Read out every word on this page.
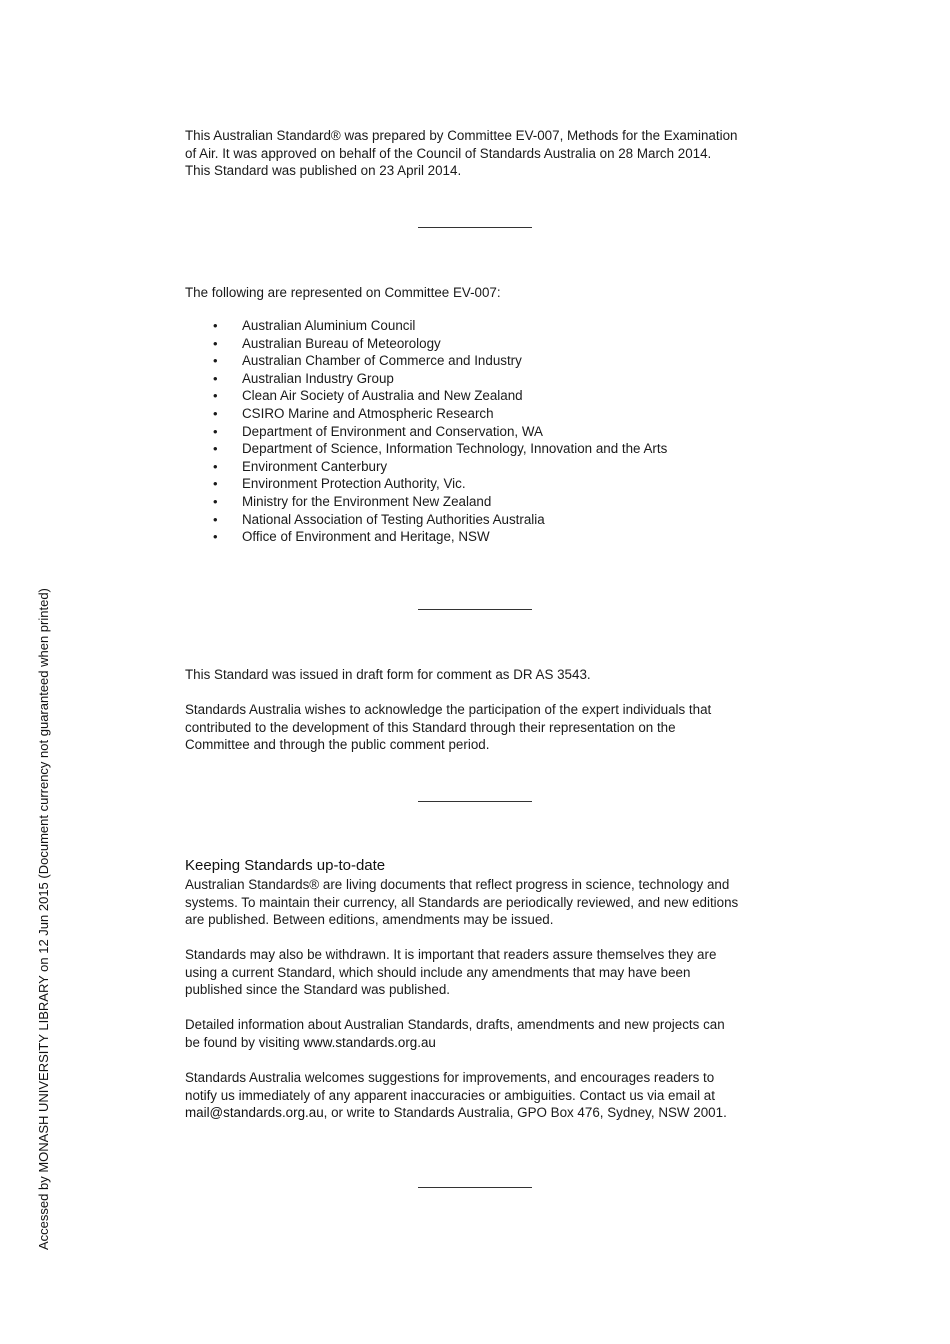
This Australian Standard® was prepared by Committee EV-007, Methods for the Examination

of Air. It was approved on behalf of the Council of Standards Australia on 28 March 2014.

This Standard was published on 23 April 2014.

The following are represented on Committee EV-007:

• Australian Aluminium Council
• Australian Bureau of Meteorology
• Australian Chamber of Commerce and Industry
• Australian Industry Group
• Clean Air Society of Australia and New Zealand
• CSIRO Marine and Atmospheric Research
• Department of Environment and Conservation, WA
• Department of Science, Information Technology, Innovation and the Arts
• Environment Canterbury
• Environment Protection Authority, Vic.
• Ministry for the Environment New Zealand
• National Association of Testing Authorities Australia
• Office of Environment and Heritage, NSW

This Standard was issued in draft form for comment as DR AS 3543.

Standards Australia wishes to acknowledge the participation of the expert individuals that

contributed to the development of this Standard through their representation on the

Committee and through the public comment period.

Keeping Standards up-to-date

Australian Standards® are living documents that reflect progress in science, technology and

systems. To maintain their currency, all Standards are periodically reviewed, and new editions

are published. Between editions, amendments may be issued.

Standards may also be withdrawn. It is important that readers assure themselves they are

using a current Standard, which should include any amendments that may have been

published since the Standard was published.

Detailed information about Australian Standards, drafts, amendments and new projects can

be found by visiting www.standards.org.au

Standards Australia welcomes suggestions for improvements, and encourages readers to

notify us immediately of any apparent inaccuracies or ambiguities. Contact us via email at

mail@standards.org.au, or write to Standards Australia, GPO Box 476, Sydney, NSW 2001.

Accessed by MONASH UNIVERSITY LIBRARY on 12 Jun 2015 (Document currency not guaranteed when printed)
